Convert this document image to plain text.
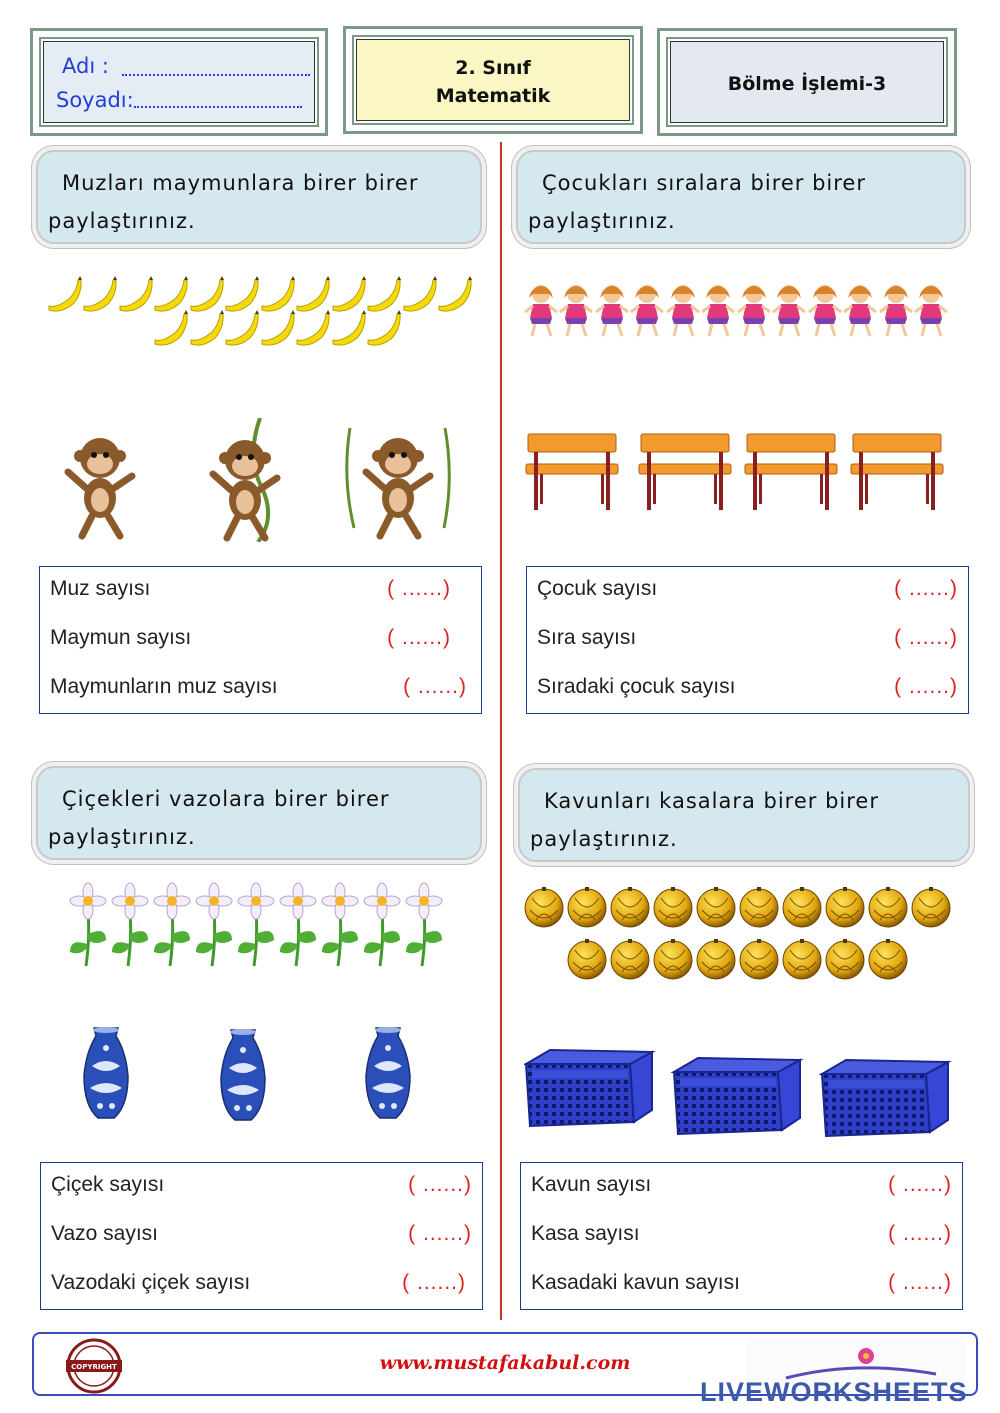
Adı :
Soyadı:
2. Sınıf
Matematik
Bölme İşlemi-3

Muzları maymunlara birer birer

paylaştırınız.

Muz sayısı	( ......)
Maymun sayısı	( ......)
Maymunların muz sayısı	( ......)

Çocukları sıralara birer birer

paylaştırınız.

Çocuk sayısı	( ......)
Sıra sayısı	( ......)
Sıradaki çocuk sayısı	( ......)

Çiçekleri vazolara birer birer

paylaştırınız.

Çiçek sayısı	( ......)
Vazo sayısı	( ......)
Vazodaki çiçek sayısı	( ......)

Kavunları kasalara birer birer

paylaştırınız.

Kavun sayısı	( ......)
Kasa sayısı	( ......)
Kasadaki kavun sayısı	( ......)
COPYRIGHT	www.mustafakabul.com
LIVEWORKSHEETS
